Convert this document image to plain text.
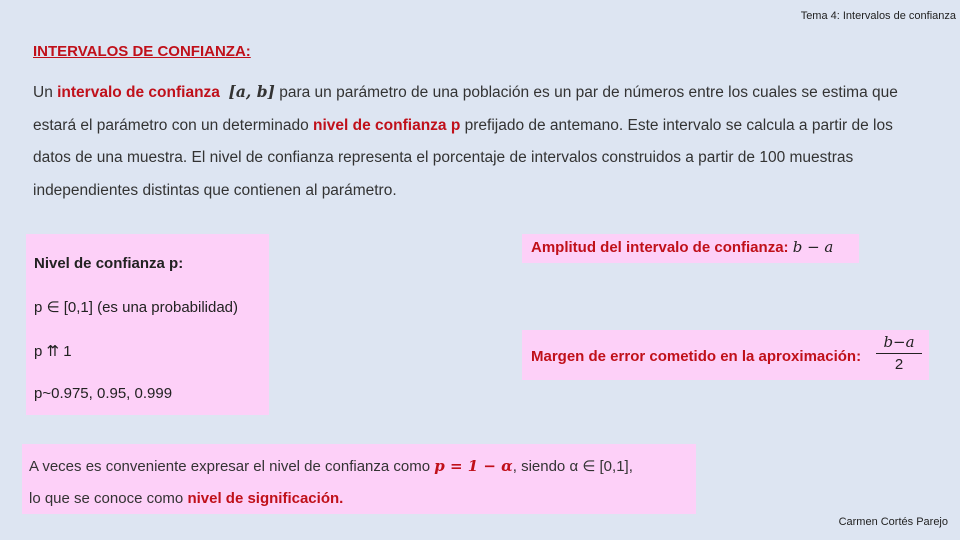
Tema 4: Intervalos de confianza
INTERVALOS DE CONFIANZA:
Un intervalo de confianza [a, b] para un parámetro de una población es un par de números entre los cuales se estima que estará el parámetro con un determinado nivel de confianza p prefijado de antemano. Este intervalo se calcula a partir de los datos de una muestra. El nivel de confianza representa el porcentaje de intervalos construidos a partir de 100 muestras independientes distintas que contienen al parámetro.
Nivel de confianza p:
p ∈ [0,1] (es una probabilidad)
p ⇈ 1
p~0.975, 0.95, 0.999
Amplitud del intervalo de confianza: b − a
Margen de error cometido en la aproximación: $\frac{b-a}{2}$
A veces es conveniente expresar el nivel de confianza como p = 1 − α, siendo α ∈ [0,1],
lo que se conoce como nivel de significación.
Carmen Cortés Parejo
